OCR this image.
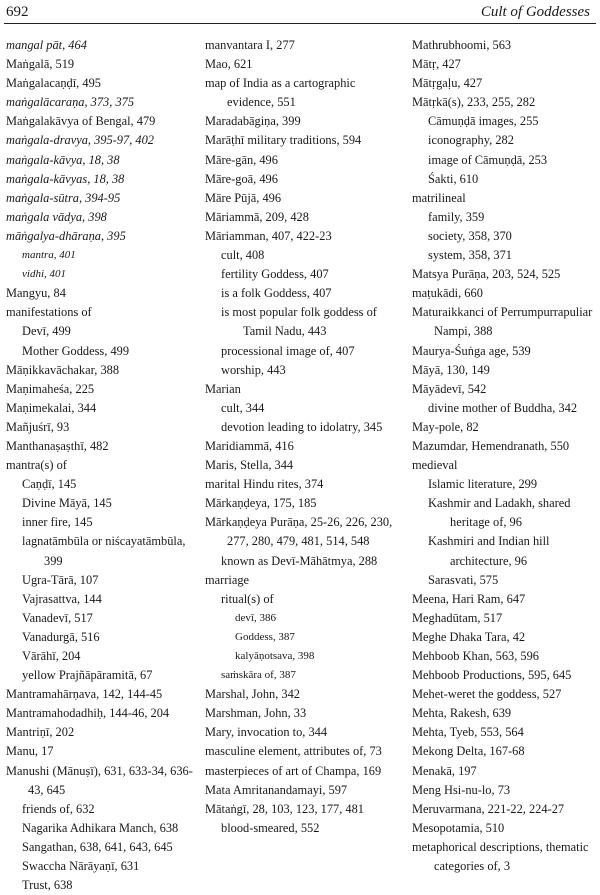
692	Cult of Goddesses
mangal pāt, 464
Maṅgalā, 519
Maṅgalacaṇḍī, 495
maṅgalācaraṇa, 373, 375
Maṅgalakāvya of Bengal, 479
maṅgala-dravya, 395-97, 402
maṅgala-kāvya, 18, 38
maṅgala-kāvyas, 18, 38
maṅgala-sūtra, 394-95
maṅgala vādya, 398
māṅgalya-dhāraṇa, 395
mantra, 401
vidhi, 401
Mangyu, 84
manifestations of
Devī, 499
Mother Goddess, 499
Māṇikkavāchakar, 388
Maṇimaheśa, 225
Maṇimekalai, 344
Mañjuśrī, 93
Manthanaṣaṣthī, 482
mantra(s) of
Caṇḍī, 145
Divine Māyā, 145
inner fire, 145
lagnatāmbūla or niścayatāmbūla, 399
Ugra-Tārā, 107
Vajrasattva, 144
Vanadevī, 517
Vanadurgā, 516
Vārāhī, 204
yellow Prajñāpāramitā, 67
Mantramahārṇava, 142, 144-45
Mantramahodadhiḥ, 144-46, 204
Mantriṇī, 202
Manu, 17
Manushi (Mānuṣī), 631, 633-34, 636-43, 645
friends of, 632
Nagarika Adhikara Manch, 638
Sangathan, 638, 641, 643, 645
Swaccha Nārāyaṇī, 631
Trust, 638
manvantara I, 277
Mao, 621
map of India as a cartographic evidence, 551
Maradabāgiṇa, 399
Marāṭhī military traditions, 594
Māre-gān, 496
Māre-goā, 496
Māre Pūjā, 496
Māriammā, 209, 428
Māriamman, 407, 422-23
cult, 408
fertility Goddess, 407
is a folk Goddess, 407
is most popular folk goddess of Tamil Nadu, 443
processional image of, 407
worship, 443
Marian
cult, 344
devotion leading to idolatry, 345
Maridiammā, 416
Maris, Stella, 344
marital Hindu rites, 374
Mārkaṇḍeya, 175, 185
Mārkaṇḍeya Purāṇa, 25-26, 226, 230, 277, 280, 479, 481, 514, 548
known as Devī-Māhātmya, 288
marriage
ritual(s) of
devī, 386
Goddess, 387
kalyāṇotsava, 398
saṁskāra of, 387
Marshal, John, 342
Marshman, John, 33
Mary, invocation to, 344
masculine element, attributes of, 73
masterpieces of art of Champa, 169
Mata Amritanandamayi, 597
Mātaṅgī, 28, 103, 123, 177, 481
blood-smeared, 552
Mathrubhoomi, 563
Mātṛ, 427
Mātṛgaḷu, 427
Mātṛkā(s), 233, 255, 282
Cāmuṇḍā images, 255
iconography, 282
image of Cāmuṇḍā, 253
Śakti, 610
matrilineal
family, 359
society, 358, 370
system, 358, 371
Matsya Purāṇa, 203, 524, 525
maṭukādi, 660
Maturaikkanci of Perrumpurrapuliar Nampi, 388
Maurya-Śuṅga age, 539
Māyā, 130, 149
Māyādevī, 542
divine mother of Buddha, 342
May-pole, 82
Mazumdar, Hemendranath, 550
medieval
Islamic literature, 299
Kashmir and Ladakh, shared heritage of, 96
Kashmiri and Indian hill architecture, 96
Sarasvati, 575
Meena, Hari Ram, 647
Meghadūtam, 517
Meghe Dhaka Tara, 42
Mehboob Khan, 563, 596
Mehboob Productions, 595, 645
Mehet-weret the goddess, 527
Mehta, Rakesh, 639
Mehta, Tyeb, 553, 564
Mekong Delta, 167-68
Menakā, 197
Meng Hsi-nu-lo, 73
Meruvarmana, 221-22, 224-27
Mesopotamia, 510
metaphorical descriptions, thematic categories of, 3
